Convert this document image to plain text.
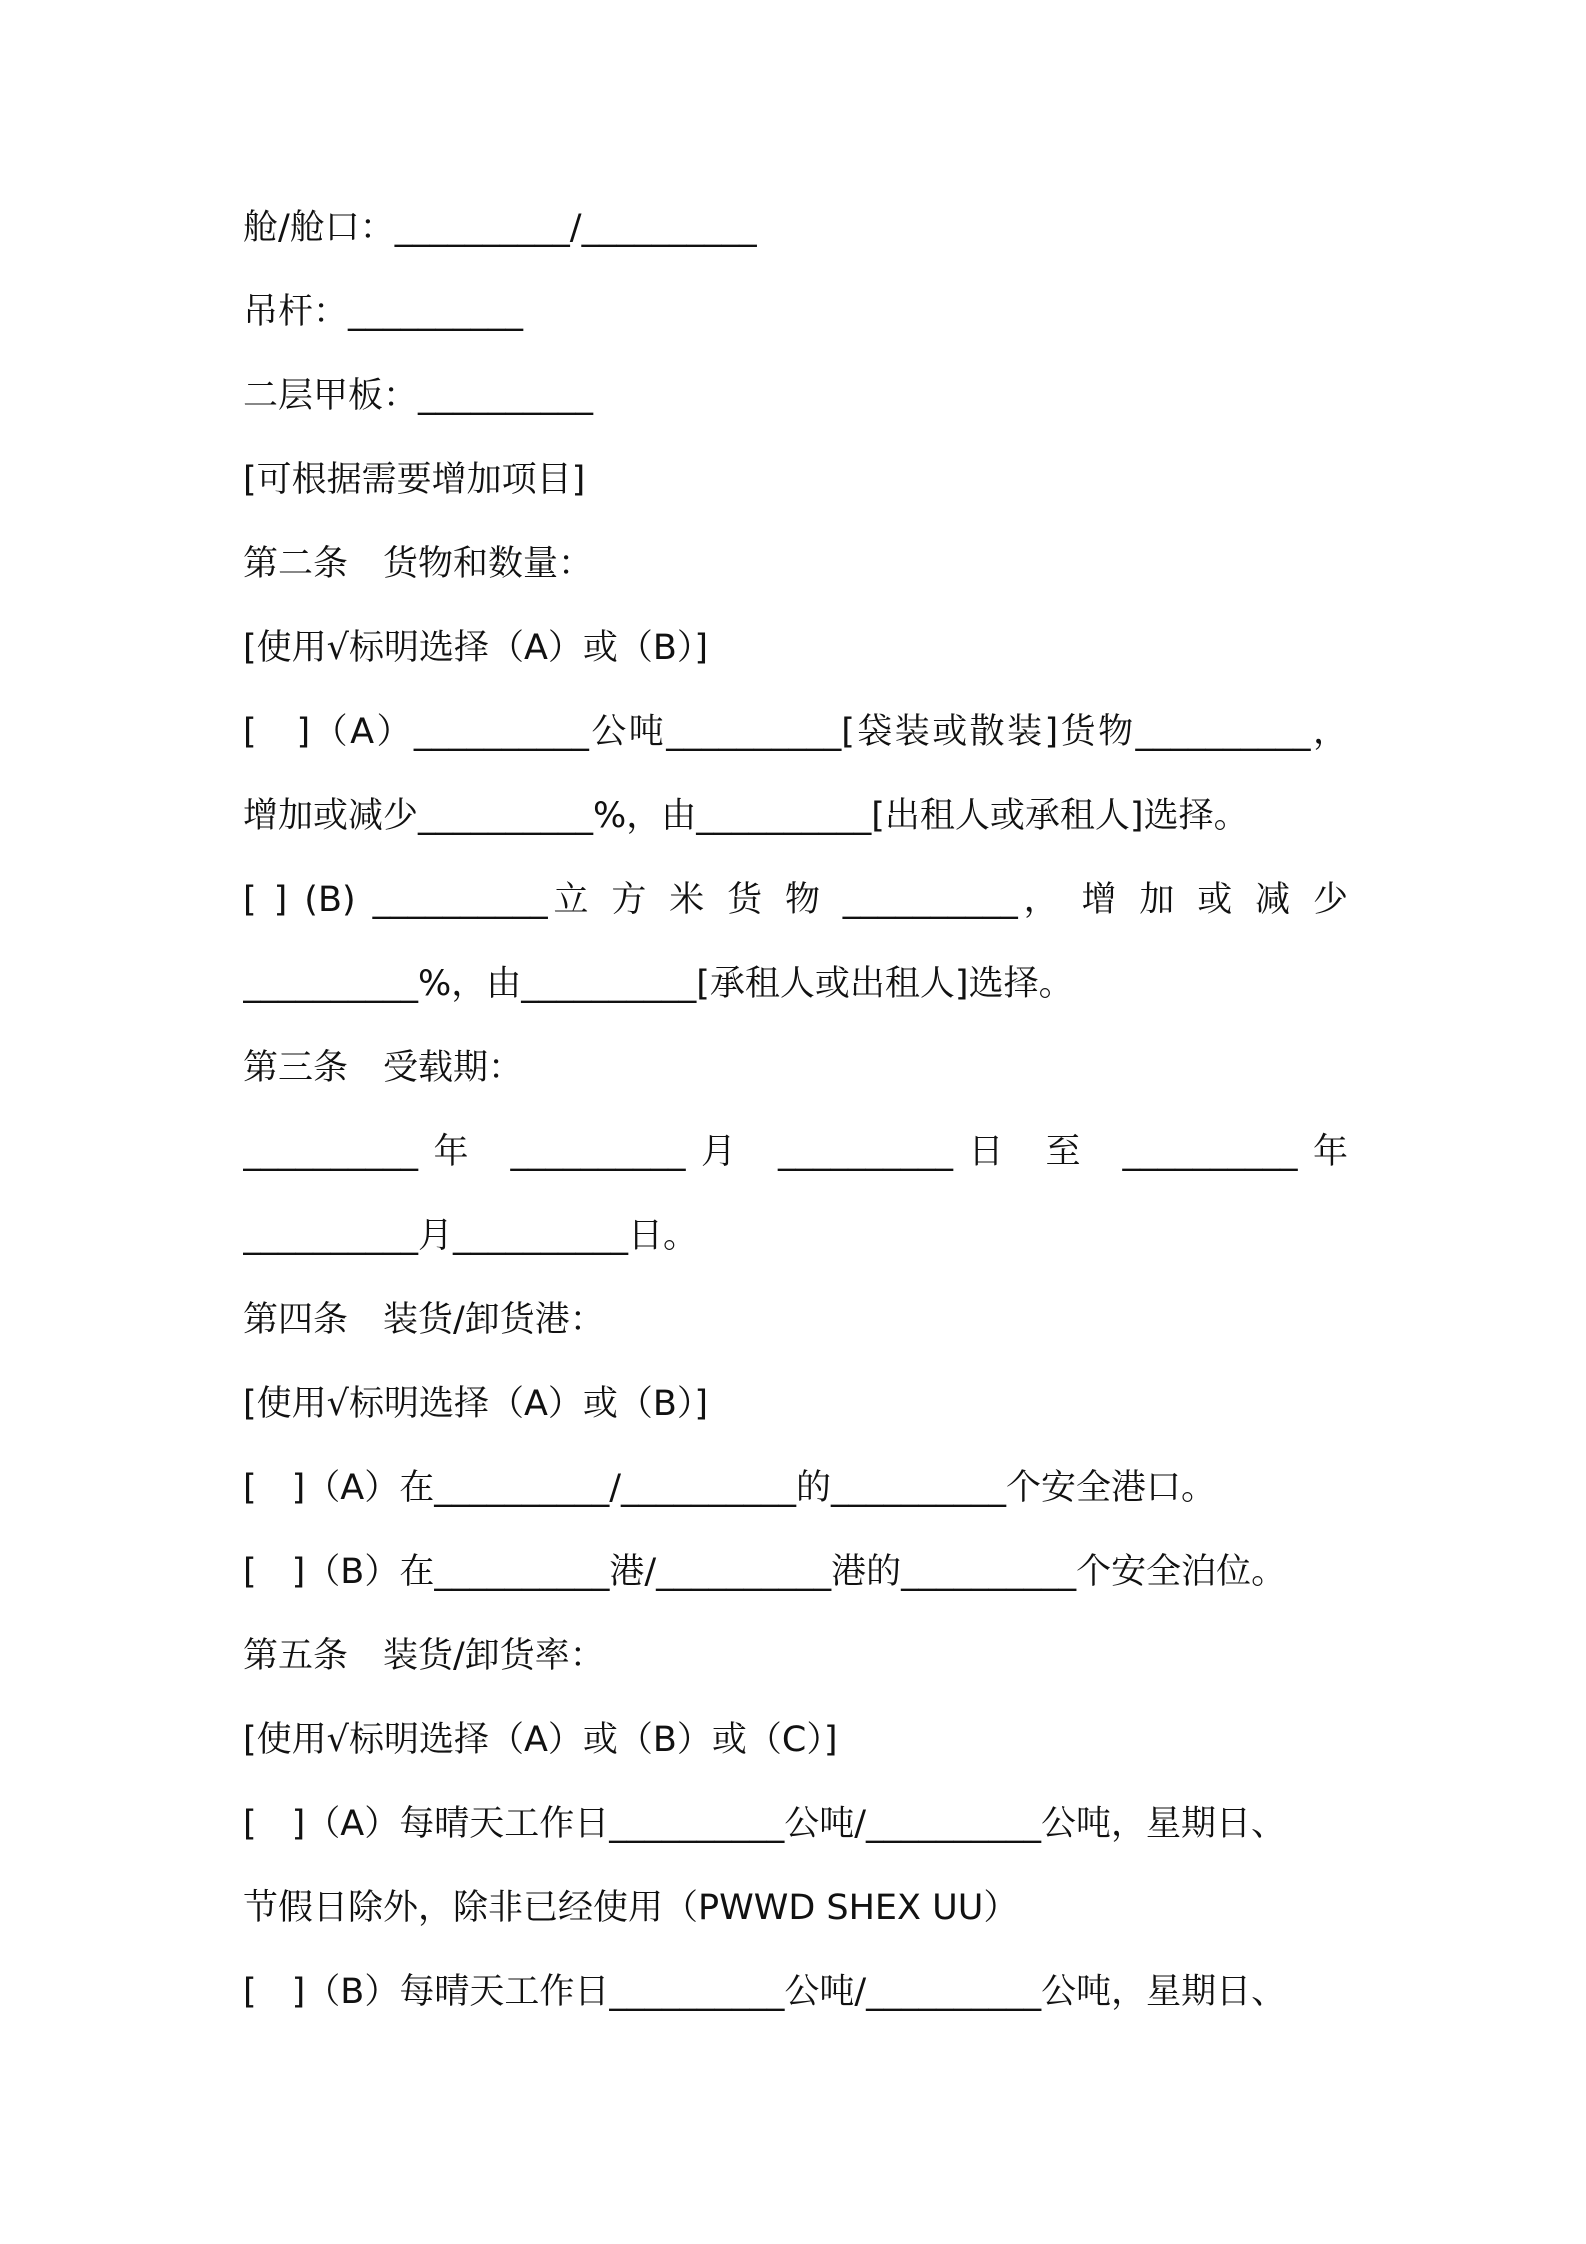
舱/舱口：__________/__________
吊杆：__________
二层甲板：__________
[可根据需要增加项目]
第二条　货物和数量：
[使用√标明选择（A）或（B）]
[　]（A）__________公吨__________[袋装或散装]货物__________，
增加或减少__________%，由__________[出租人或承租人]选择。
[ ] (B) __________立 方 米 货 物 __________， 增 加 或 减 少
__________%，由__________[承租人或出租人]选择。
第三条　受载期：
__________年 __________月 __________日 至 __________年
__________月__________日。
第四条　装货/卸货港：
[使用√标明选择（A）或（B）]
[　]（A）在__________/__________的__________个安全港口。
[　]（B）在__________港/__________港的__________个安全泊位。
第五条　装货/卸货率：
[使用√标明选择（A）或（B）或（C）]
[　]（A）每晴天工作日__________公吨/__________公吨，星期日、
节假日除外，除非已经使用（PWWD SHEX UU）
[　]（B）每晴天工作日__________公吨/__________公吨，星期日、
